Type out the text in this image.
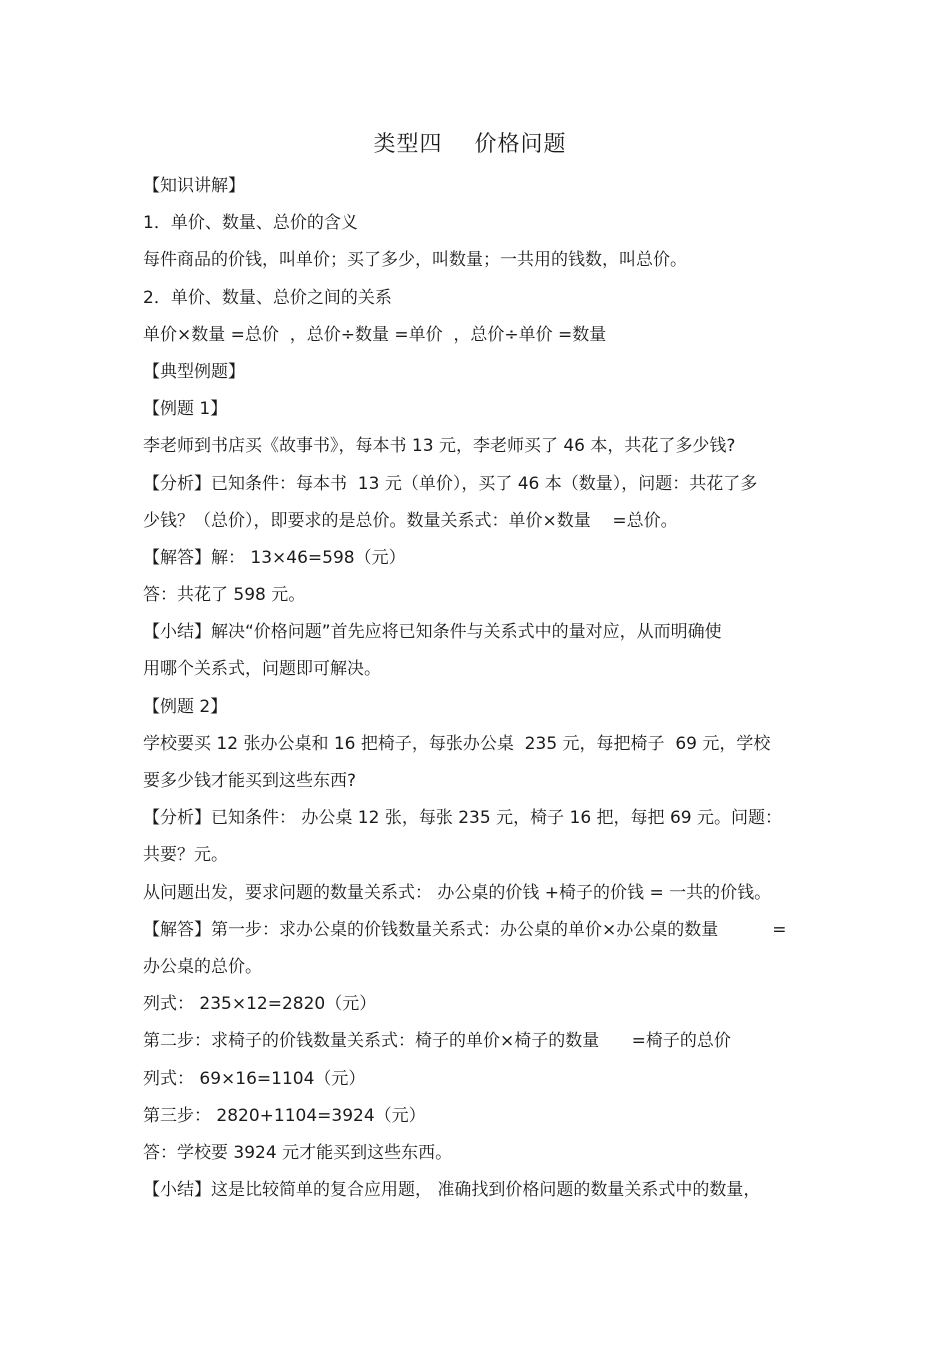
类型四    价格问题
【知识讲解】
1．单价、数量、总价的含义
每件商品的价钱，叫单价；买了多少，叫数量；一共用的钱数，叫总价。
2．单价、数量、总价之间的关系
单价×数量 =总价  ，总价÷数量 =单价  ，总价÷单价 =数量
【典型例题】
【例题 1】
李老师到书店买《故事书》，每本书 13 元，李老师买了 46 本，共花了多少钱?
【分析】已知条件：每本书  13 元（单价），买了 46 本（数量），问题：共花了多
少钱？（总价），即要求的是总价。数量关系式：单价×数量    =总价。
【解答】解： 13×46=598（元）
答：共花了 598 元。
【小结】解决“价格问题”首先应将已知条件与关系式中的量对应，从而明确使
用哪个关系式，问题即可解决。
【例题 2】
学校要买 12 张办公桌和 16 把椅子，每张办公桌  235 元，每把椅子  69 元，学校
要多少钱才能买到这些东西?
【分析】已知条件： 办公桌 12 张，每张 235 元，椅子 16 把，每把 69 元。问题：
共要？元。
从问题出发，要求问题的数量关系式： 办公桌的价钱 +椅子的价钱 = 一共的价钱。
【解答】第一步：求办公桌的价钱数量关系式：办公桌的单价×办公桌的数量          =
办公桌的总价。
列式： 235×12=2820（元）
第二步：求椅子的价钱数量关系式：椅子的单价×椅子的数量      =椅子的总价
列式： 69×16=1104（元）
第三步： 2820+1104=3924（元）
答：学校要 3924 元才能买到这些东西。
【小结】这是比较简单的复合应用题， 准确找到价格问题的数量关系式中的数量，
